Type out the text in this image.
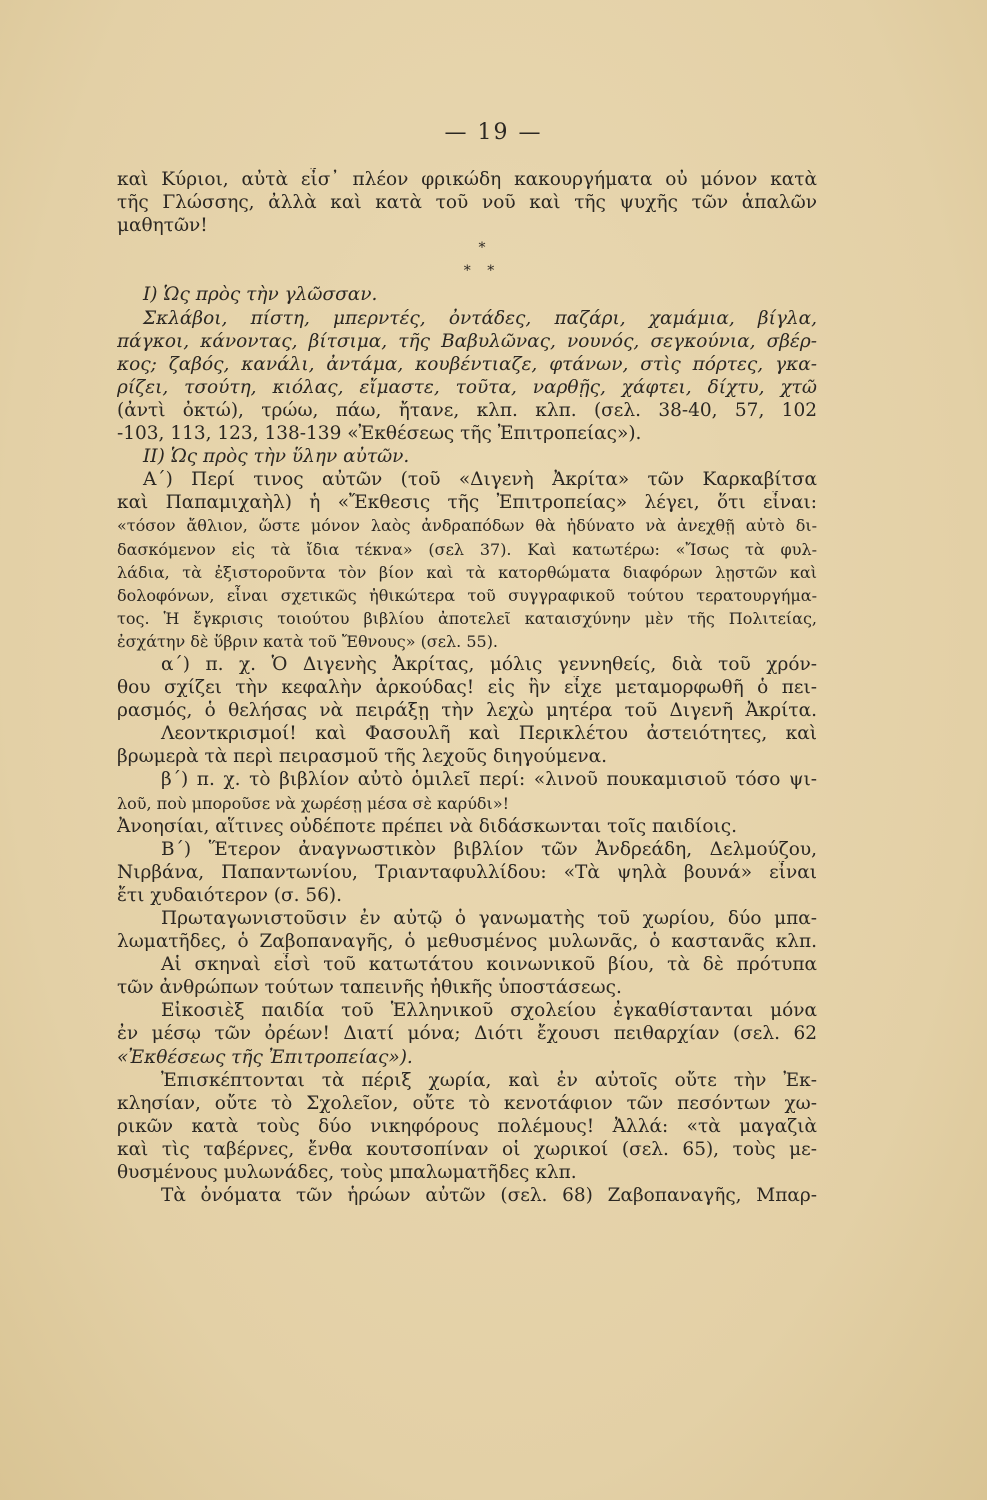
— 19 —
καὶ Κύριοι, αὐτὰ εἶσ᾽ πλέον φρικώδη κακουργήματα οὐ μόνον κατὰ
τῆς Γλώσσης, ἀλλὰ καὶ κατὰ τοῦ νοῦ καὶ τῆς ψυχῆς τῶν ἁπαλῶν
μαθητῶν!
*
* *
Ι) Ὡς πρὸς τὴν γλῶσσαν.
Σκλάβοι, πίστη, μπερντές, ὀντάδες, παζάρι, χαμάμια, βίγλα,
πάγκοι, κάνοντας, βίτσιμα, τῆς Βαβυλῶνας, νουνός, σεγκούνια, σβέρ-
κος; ζαβός, κανάλι, ἀντάμα, κουβέντιαζε, φτάνων, στὶς πόρτες, γκα-
ρίζει, τσούτη, κιόλας, εἴμαστε, τοῦτα, ναρθῇς, χάφτει, δίχτυ, χτῶ
(ἀντὶ ὀκτώ), τρώω, πάω, ἤτανε, κλπ. κλπ. (σελ. 38-40, 57, 102
-103, 113, 123, 138-139 «Ἐκθέσεως τῆς Ἐπιτροπείας»).
ΙΙ) Ὡς πρὸς τὴν ὕλην αὐτῶν.
Α΄) Περί τινος αὐτῶν (τοῦ «Διγενὴ Ἀκρίτα» τῶν Καρκαβίτσα
καὶ Παπαμιχαὴλ) ἡ «Ἔκθεσις τῆς Ἐπιτροπείας» λέγει, ὅτι εἶναι:
«τόσον ἄθλιον, ὥστε μόνον λαὸς ἀνδραπόδων θὰ ἠδύνατο νὰ ἀνεχθῇ αὐτὸ δι-
δασκόμενον εἰς τὰ ἴδια τέκνα» (σελ 37). Καὶ κατωτέρω: «Ἴσως τὰ φυλ-
λάδια, τὰ ἐξιστοροῦντα τὸν βίον καὶ τὰ κατορθώματα διαφόρων λῃστῶν καὶ
δολοφόνων, εἶναι σχετικῶς ἠθικώτερα τοῦ συγγραφικοῦ τούτου τερατουργήμα-
τος. Ἡ ἔγκρισις τοιούτου βιβλίου ἀποτελεῖ καταισχύνην μὲν τῆς Πολιτείας,
ἐσχάτην δὲ ὕβριν κατὰ τοῦ Ἔθνους» (σελ. 55).
α΄) π. χ. Ὁ Διγενὴς Ἀκρίτας, μόλις γεννηθείς, διὰ τοῦ χρόν-
θου σχίζει τὴν κεφαλὴν ἀρκούδας! εἰς ἣν εἶχε μεταμορφωθῆ ὁ πει-
ρασμός, ὁ θελήσας νὰ πειράξῃ τὴν λεχὼ μητέρα τοῦ Διγενῆ Ἀκρίτα.
Λεοντκρισμοί! καὶ Φασουλῆ καὶ Περικλέτου ἀστειότητες, καὶ
βρωμερὰ τὰ περὶ πειρασμοῦ τῆς λεχοῦς διηγούμενα.
β΄) π. χ. τὸ βιβλίον αὐτὸ ὁμιλεῖ περί: «λινοῦ πουκαμισιοῦ τόσο ψι-
λοῦ, ποὺ μποροῦσε νὰ χωρέσῃ μέσα σὲ καρύδι»!
Ἀνοησίαι, αἵτινες οὐδέποτε πρέπει νὰ διδάσκωνται τοῖς παιδίοις.
Β΄) Ἕτερον ἀναγνωστικὸν βιβλίον τῶν Ἀνδρεάδη, Δελμούζου,
Νιρβάνα, Παπαντωνίου, Τριανταφυλλίδου: «Τὰ ψηλὰ βουνά» εἶναι
ἔτι χυδαιότερον (σ. 56).
Πρωταγωνιστοῦσιν ἐν αὐτῷ ὁ γανωματὴς τοῦ χωρίου, δύο μπα-
λωματῆδες, ὁ Ζαβοπαναγῆς, ὁ μεθυσμένος μυλωνᾶς, ὁ καστανᾶς κλπ.
Αἱ σκηναὶ εἶσὶ τοῦ κατωτάτου κοινωνικοῦ βίου, τὰ δὲ πρότυπα
τῶν ἀνθρώπων τούτων ταπεινῆς ἠθικῆς ὑποστάσεως.
Εἰκοσιὲξ παιδία τοῦ Ἑλληνικοῦ σχολείου ἐγκαθίστανται μόνα
ἐν μέσῳ τῶν ὀρέων! Διατί μόνα; Διότι ἔχουσι πειθαρχίαν (σελ. 62
«Ἐκθέσεως τῆς Ἐπιτροπείας»).
Ἐπισκέπτονται τὰ πέριξ χωρία, καὶ ἐν αὐτοῖς οὔτε τὴν Ἐκ-
κλησίαν, οὔτε τὸ Σχολεῖον, οὔτε τὸ κενοτάφιον τῶν πεσόντων χω-
ρικῶν κατὰ τοὺς δύο νικηφόρους πολέμους! Ἀλλά: «τὰ μαγαζιὰ
καὶ τὶς ταβέρνες, ἔνθα κουτσοπίναν οἱ χωρικοί (σελ. 65), τοὺς με-
θυσμένους μυλωνάδες, τοὺς μπαλωματῆδες κλπ.
Τὰ ὀνόματα τῶν ἡρώων αὐτῶν (σελ. 68) Ζαβοπαναγῆς, Μπαρ-
